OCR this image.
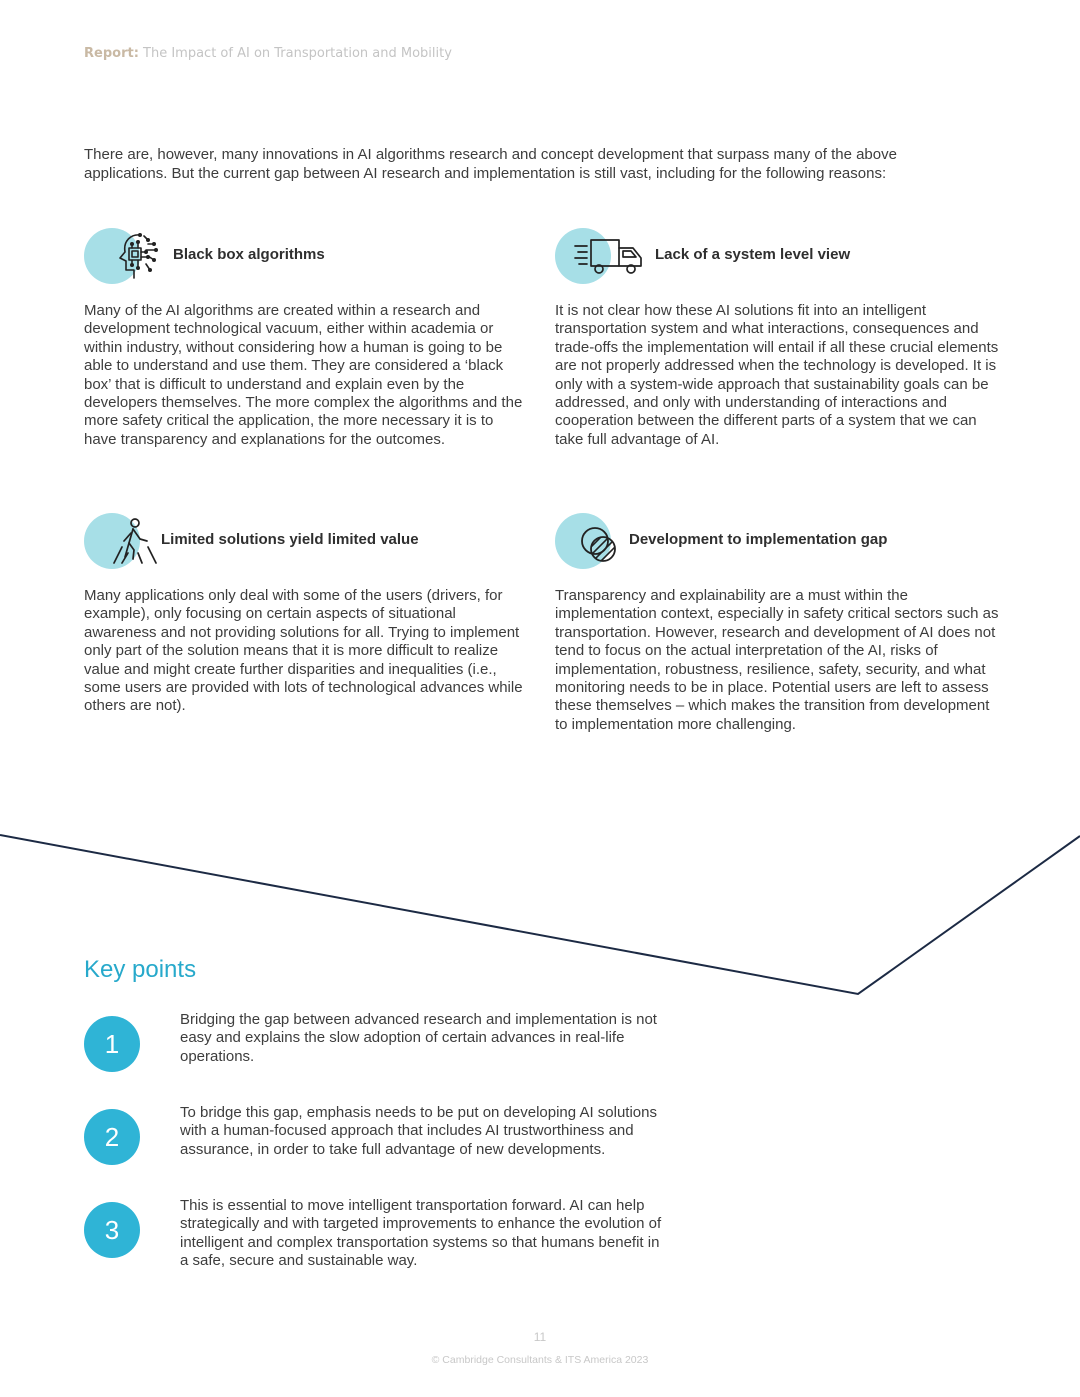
Report: The Impact of AI on Transportation and Mobility
There are, however, many innovations in AI algorithms research and concept development that surpass many of the above applications. But the current gap between AI research and implementation is still vast, including for the following reasons:
Black box algorithms
Many of the AI algorithms are created within a research and development technological vacuum, either within academia or within industry, without considering how a human is going to be able to understand and use them. They are considered a ‘black box’ that is difficult to understand and explain even by the developers themselves. The more complex the algorithms and the more safety critical the application, the more necessary it is to have transparency and explanations for the outcomes.
Lack of a system level view
It is not clear how these AI solutions fit into an intelligent transportation system and what interactions, consequences and trade-offs the implementation will entail if all these crucial elements are not properly addressed when the technology is developed. It is only with a system-wide approach that sustainability goals can be addressed, and only with understanding of interactions and cooperation between the different parts of a system that we can take full advantage of AI.
Limited solutions yield limited value
Many applications only deal with some of the users (drivers, for example), only focusing on certain aspects of situational awareness and not providing solutions for all. Trying to implement only part of the solution means that it is more difficult to realize value and might create further disparities and inequalities (i.e., some users are provided with lots of technological advances while others are not).
Development to implementation gap
Transparency and explainability are a must within the implementation context, especially in safety critical sectors such as transportation. However, research and development of AI does not tend to focus on the actual interpretation of the AI, risks of implementation, robustness, resilience, safety, security, and what monitoring needs to be in place. Potential users are left to assess these themselves – which makes the transition from development to implementation more challenging.
Key points
1
Bridging the gap between advanced research and implementation is not easy and explains the slow adoption of certain advances in real-life operations.
2
To bridge this gap, emphasis needs to be put on developing AI solutions with a human-focused approach that includes AI trustworthiness and assurance, in order to take full advantage of new developments.
3
This is essential to move intelligent transportation forward. AI can help strategically and with targeted improvements to enhance the evolution of intelligent and complex transportation systems so that humans benefit in a safe, secure and sustainable way.
11
© Cambridge Consultants & ITS America 2023
